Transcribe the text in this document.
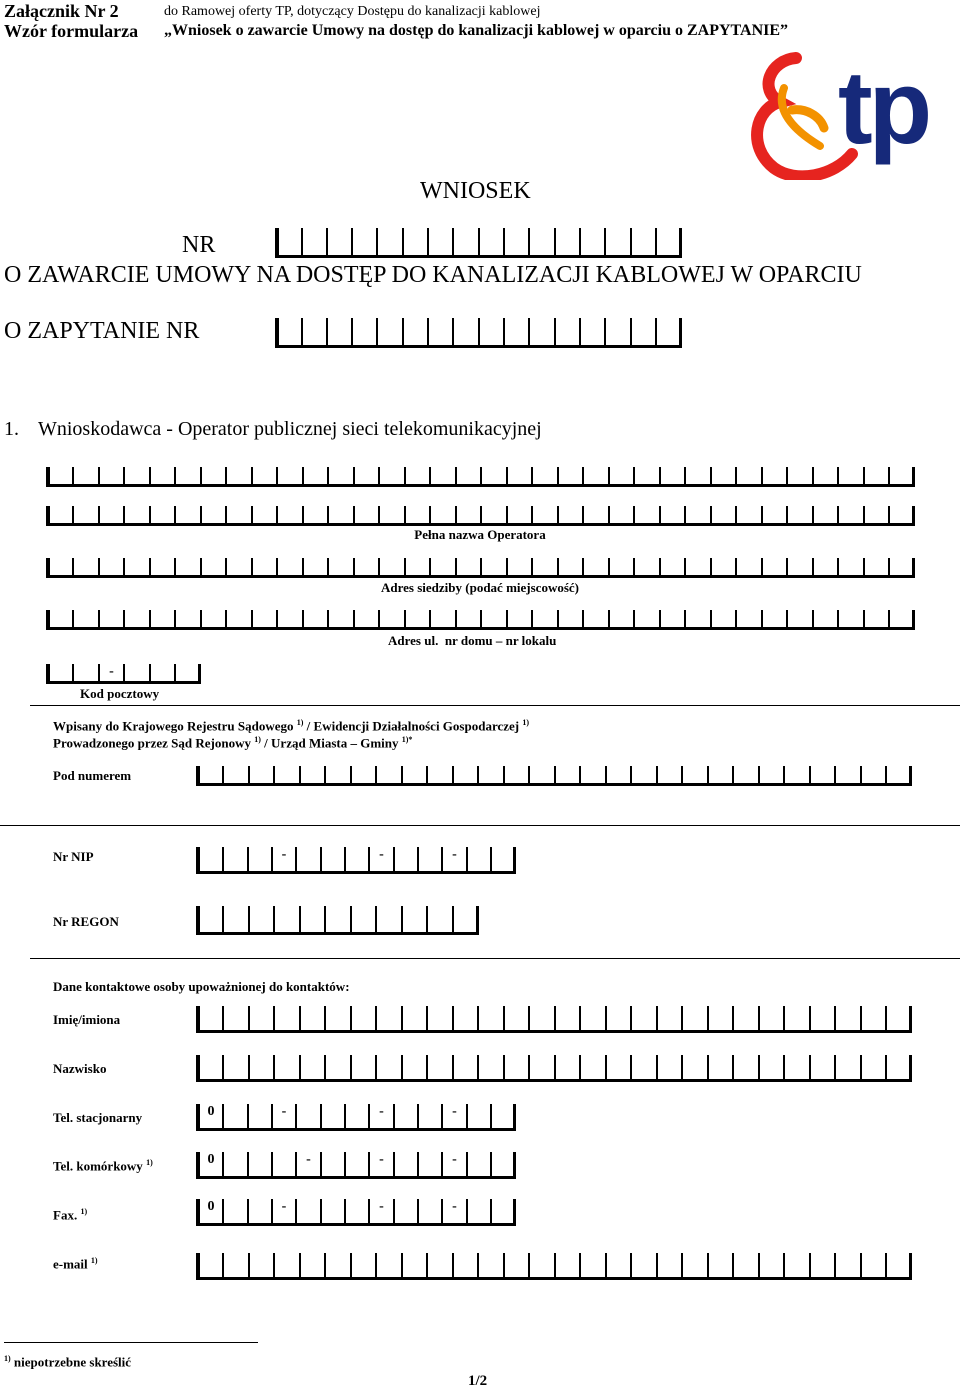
Załącznik Nr 2
Wzór formularza
do Ramowej oferty TP, dotyczący Dostępu do kanalizacji kablowej
„Wniosek o zawarcie Umowy na dostęp do kanalizacji kablowej w oparciu o ZAPYTANIE”
tp
WNIOSEK
NR
O ZAWARCIE UMOWY NA DOSTĘP DO KANALIZACJI KABLOWEJ W OPARCIU
O ZAPYTANIE NR
1. Wnioskodawca - Operator publicznej sieci telekomunikacyjnej
Pełna nazwa Operatora
Adres siedziby (podać miejscowość)
Adres ul.  nr domu – nr lokalu
-
Kod pocztowy
Wpisany do Krajowego Rejestru Sądowego $^{1)}$ / Ewidencji Działalności Gospodarczej $^{1)}$
Prowadzonego przez Sąd Rejonowy $^{1)}$ / Urząd Miasta – Gminy $^{1)*}$
Pod numerem
Nr NIP	-	-	-
Nr REGON
Dane kontaktowe osoby upoważnionej do kontaktów:
Imię/imiona
Nazwisko
Tel. stacjonarny	0	-	-	-
Tel. komórkowy $^{1)}$	0	-	-	-
Fax. $^{1)}$	0	-	-	-
e-mail $^{1)}$
$^{1)}$ niepotrzebne skreślić
1/2
